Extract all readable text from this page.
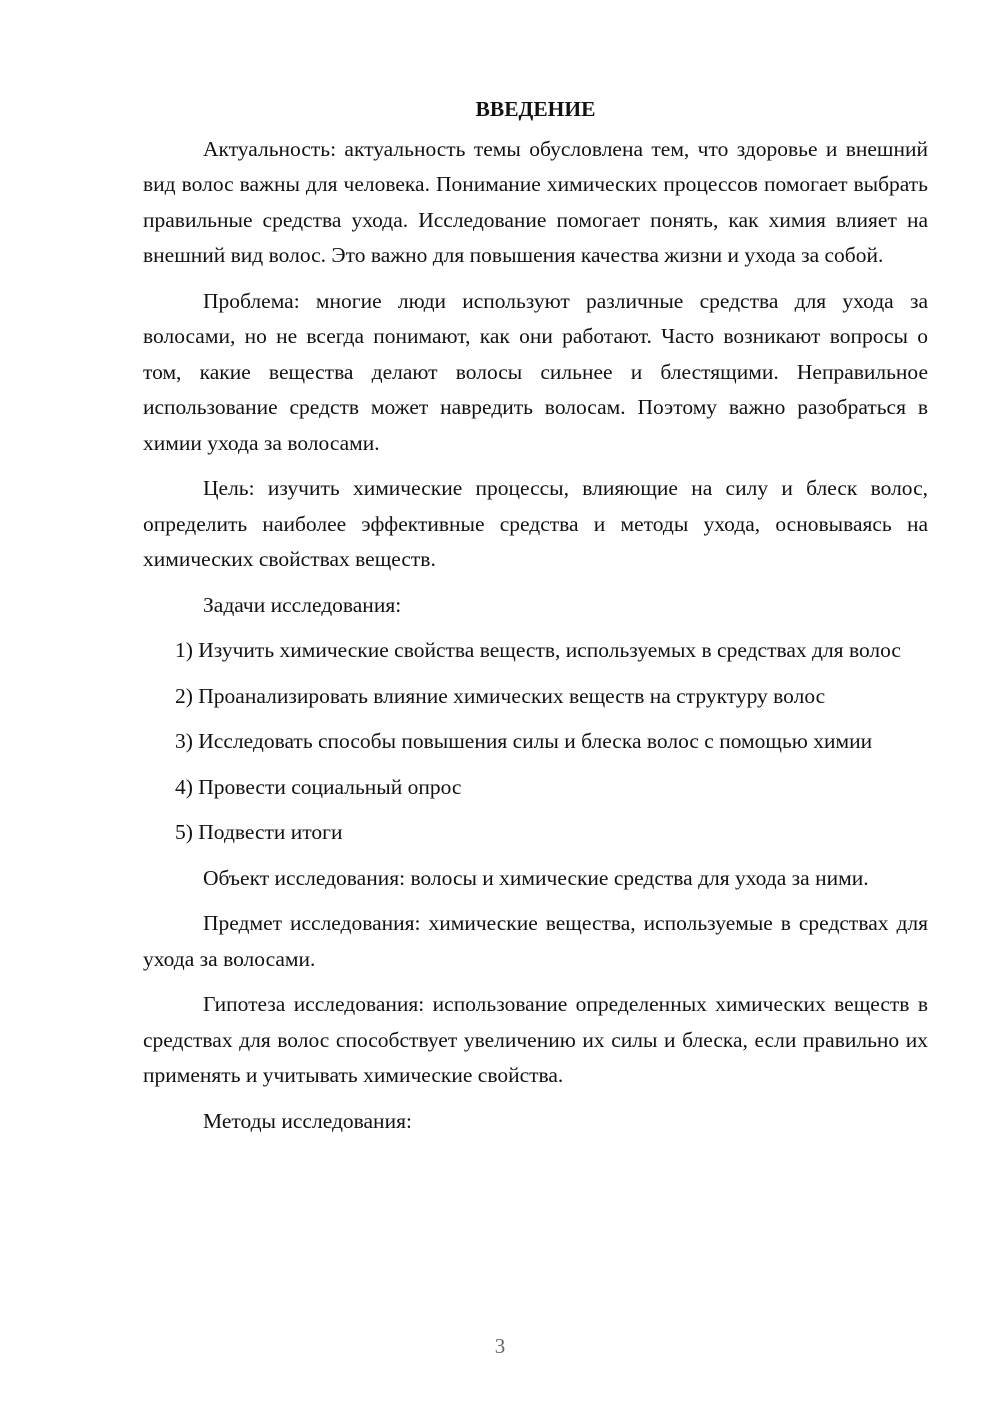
ВВЕДЕНИЕ

Актуальность: актуальность темы обусловлена тем, что здоровье и внешний вид волос важны для человека. Понимание химических процессов помогает выбрать правильные средства ухода. Исследование помогает понять, как химия влияет на внешний вид волос. Это важно для повышения качества жизни и ухода за собой.

Проблема: многие люди используют различные средства для ухода за волосами, но не всегда понимают, как они работают. Часто возникают вопросы о том, какие вещества делают волосы сильнее и блестящими. Неправильное использование средств может навредить волосам. Поэтому важно разобраться в химии ухода за волосами.

Цель: изучить химические процессы, влияющие на силу и блеск волос, определить наиболее эффективные средства и методы ухода, основываясь на химических свойствах веществ.

Задачи исследования:

1) Изучить химические свойства веществ, используемых в средствах для волос

2) Проанализировать влияние химических веществ на структуру волос

3) Исследовать способы повышения силы и блеска волос с помощью химии

4) Провести социальный опрос

5) Подвести итоги

Объект исследования: волосы и химические средства для ухода за ними.

Предмет исследования: химические вещества, используемые в средствах для ухода за волосами.

Гипотеза исследования: использование определенных химических веществ в средствах для волос способствует увеличению их силы и блеска, если правильно их применять и учитывать химические свойства.

Методы исследования:

3
